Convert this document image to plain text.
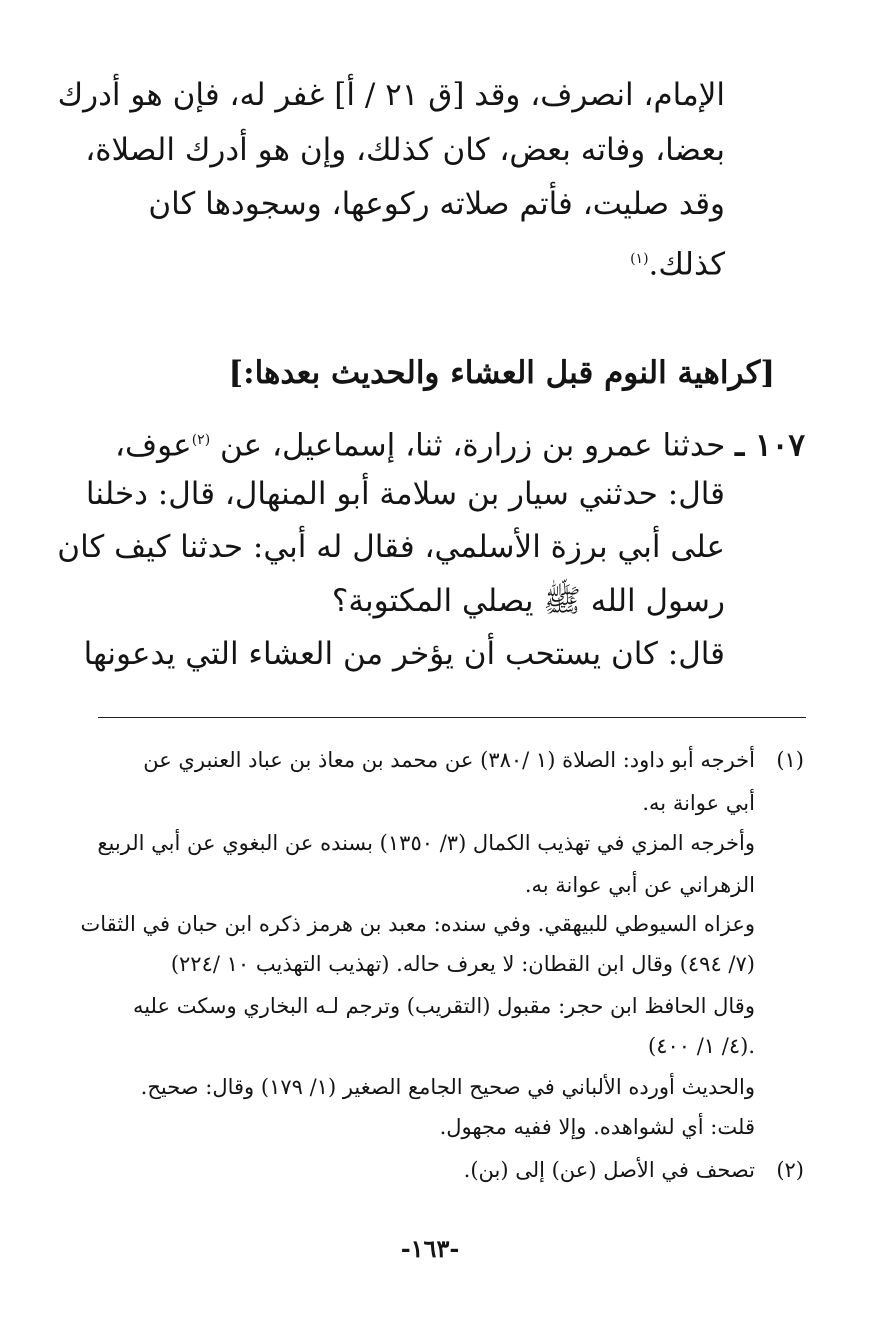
الإمام، انصرف، وقد [ق ٢١ / أ] غفر له، فإن هو أدرك
بعضا، وفاته بعض، كان كذلك، وإن هو أدرك الصلاة،
وقد صليت، فأتم صلاته ركوعها، وسجودها كان
كذلك.$^{(١)}$
[كراهية النوم قبل العشاء والحديث بعدها:]
١٠٧ ـ حدثنا عمرو بن زرارة، ثنا، إسماعيل، عن $^{(٢)}$عوف،
قال: حدثني سيار بن سلامة أبو المنهال، قال: دخلنا
على أبي برزة الأسلمي، فقال له أبي: حدثنا كيف كان
رسول الله ﷺ يصلي المكتوبة؟
قال: كان يستحب أن يؤخر من العشاء التي يدعونها
(١)
أخرجه أبو داود: الصلاة (١ /٣٨٠) عن محمد بن معاذ بن عباد العنبري عن
أبي عوانة به.
وأخرجه المزي في تهذيب الكمال (٣/ ١٣٥٠) بسنده عن البغوي عن أبي الربيع
الزهراني عن أبي عوانة به.
وعزاه السيوطي للبيهقي. وفي سنده: معبد بن هرمز ذكره ابن حبان في الثقات
(٧/ ٤٩٤) وقال ابن القطان: لا يعرف حاله. (تهذيب التهذيب ١٠ /٢٢٤)
وقال الحافظ ابن حجر: مقبول (التقريب) وترجم لـه البخاري وسكت عليه
(٤/ ١/ ٤٠٠).
والحديث أورده الألباني في صحيح الجامع الصغير (١/ ١٧٩) وقال: صحيح.
قلت: أي لشواهده. وإلا ففيه مجهول.
(٢)
تصحف في الأصل (عن) إلى (بن).
-١٦٣-
